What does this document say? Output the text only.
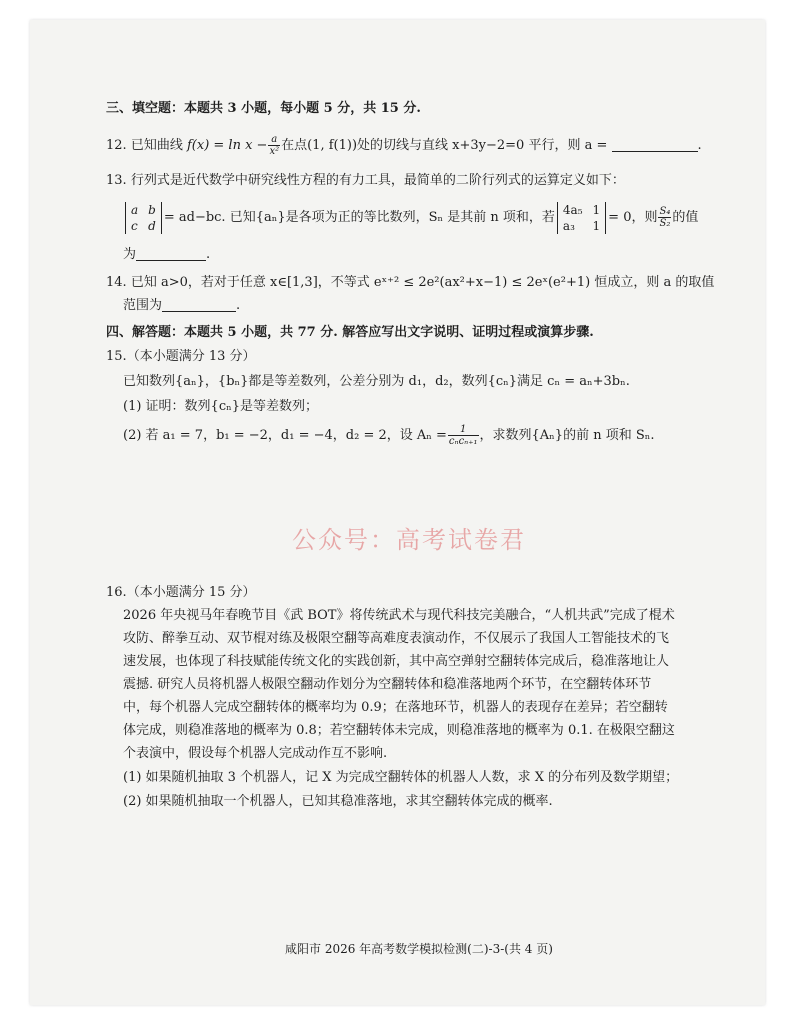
三、填空题：本题共 3 小题，每小题 5 分，共 15 分.
12. 已知曲线 $f(x) = \ln x - \frac{a}{\text{x²}}$ 在点(1, f(1))处的切线与直线 x+3y−2=0 平行，则 a =	.
13. 行列式是近代数学中研究线性方程的有力工具，最简单的二阶行列式的运算定义如下：
a b
c d
= ad−bc. 已知{aₙ}是各项为正的等比数列，Sₙ 是其前 n 项和，若
4a₅ 1
a₃ 1
= 0，则 $\frac{\text{S₄}}{\text{S₂}}$ 的值
为	.
14. 已知 a>0，若对于任意 x∈[1,3]，不等式 eˣ⁺² ≤ 2e²(ax²+x−1) ≤ 2eˣ(e²+1) 恒成立，则 a 的取值
范围为	.
四、解答题：本题共 5 小题，共 77 分. 解答应写出文字说明、证明过程或演算步骤.
15.（本小题满分 13 分）
已知数列{aₙ}，{bₙ}都是等差数列，公差分别为 d₁，d₂，数列{cₙ}满足 cₙ = aₙ+3bₙ.
(1) 证明：数列{cₙ}是等差数列；
(2) 若 a₁ = 7，b₁ = −2，d₁ = −4，d₂ = 2，设 $A_n = \frac{1}{\text{cₙcₙ₊₁}}$ ，求数列{Aₙ}的前 n 项和 Sₙ.
16.（本小题满分 15 分）
2026 年央视马年春晚节目《武 BOT》将传统武术与现代科技完美融合，“人机共武”完成了棍术
攻防、醉拳互动、双节棍对练及极限空翻等高难度表演动作，不仅展示了我国人工智能技术的飞
速发展，也体现了科技赋能传统文化的实践创新，其中高空弹射空翻转体完成后，稳准落地让人
震撼. 研究人员将机器人极限空翻动作划分为空翻转体和稳准落地两个环节，在空翻转体环节
中，每个机器人完成空翻转体的概率均为 0.9；在落地环节，机器人的表现存在差异；若空翻转
体完成，则稳准落地的概率为 0.8；若空翻转体未完成，则稳准落地的概率为 0.1. 在极限空翻这
个表演中，假设每个机器人完成动作互不影响.
(1) 如果随机抽取 3 个机器人，记 X 为完成空翻转体的机器人人数，求 X 的分布列及数学期望；
(2) 如果随机抽取一个机器人，已知其稳准落地，求其空翻转体完成的概率.
公众号：高考试卷君
咸阳市 2026 年高考数学模拟检测(二)-3-(共 4 页)
